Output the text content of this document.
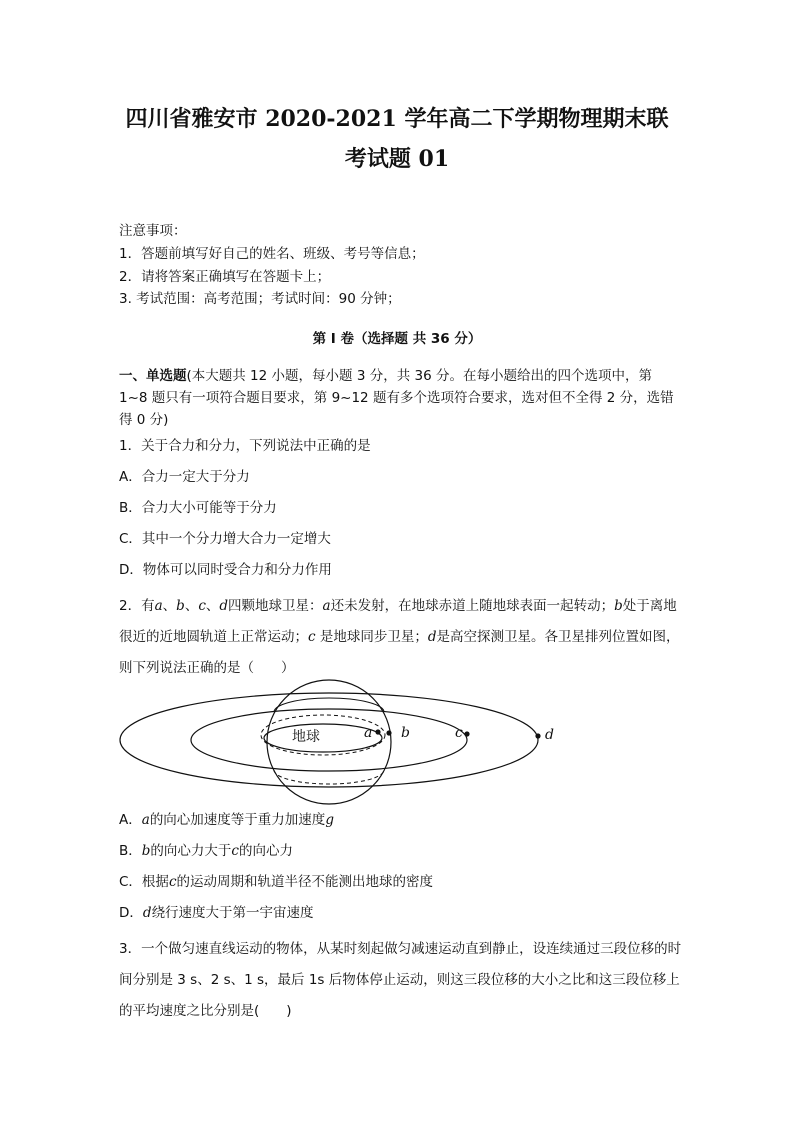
四川省雅安市 2020-2021 学年高二下学期物理期末联
考试题 01
注意事项：
1．答题前填写好自己的姓名、班级、考号等信息；
2．请将答案正确填写在答题卡上；
3. 考试范围：高考范围；考试时间：90 分钟；
第 I 卷（选择题 共 36 分）
一、单选题(本大题共 12 小题，每小题 3 分，共 36 分。在每小题给出的四个选项中，第 1~8 题只有一项符合题目要求，第 9~12 题有多个选项符合要求，选对但不全得 2 分，选错得 0 分)
1．关于合力和分力，下列说法中正确的是
A．合力一定大于分力
B．合力大小可能等于分力
C．其中一个分力增大合力一定增大
D．物体可以同时受合力和分力作用
2．有a、b、c、d四颗地球卫星：a还未发射，在地球赤道上随地球表面一起转动；b处于离地很近的近地圆轨道上正常运动；c 是地球同步卫星；d是高空探测卫星。各卫星排列位置如图，则下列说法正确的是（　　）
地球	a b	c	d
A．a的向心加速度等于重力加速度g
B．b的向心力大于c的向心力
C．根据c的运动周期和轨道半径不能测出地球的密度
D．d绕行速度大于第一宇宙速度
3．一个做匀速直线运动的物体，从某时刻起做匀减速运动直到静止，设连续通过三段位移的时间分别是 3 s、2 s、1 s，最后 1s 后物体停止运动，则这三段位移的大小之比和这三段位移上的平均速度之比分别是(　　)
